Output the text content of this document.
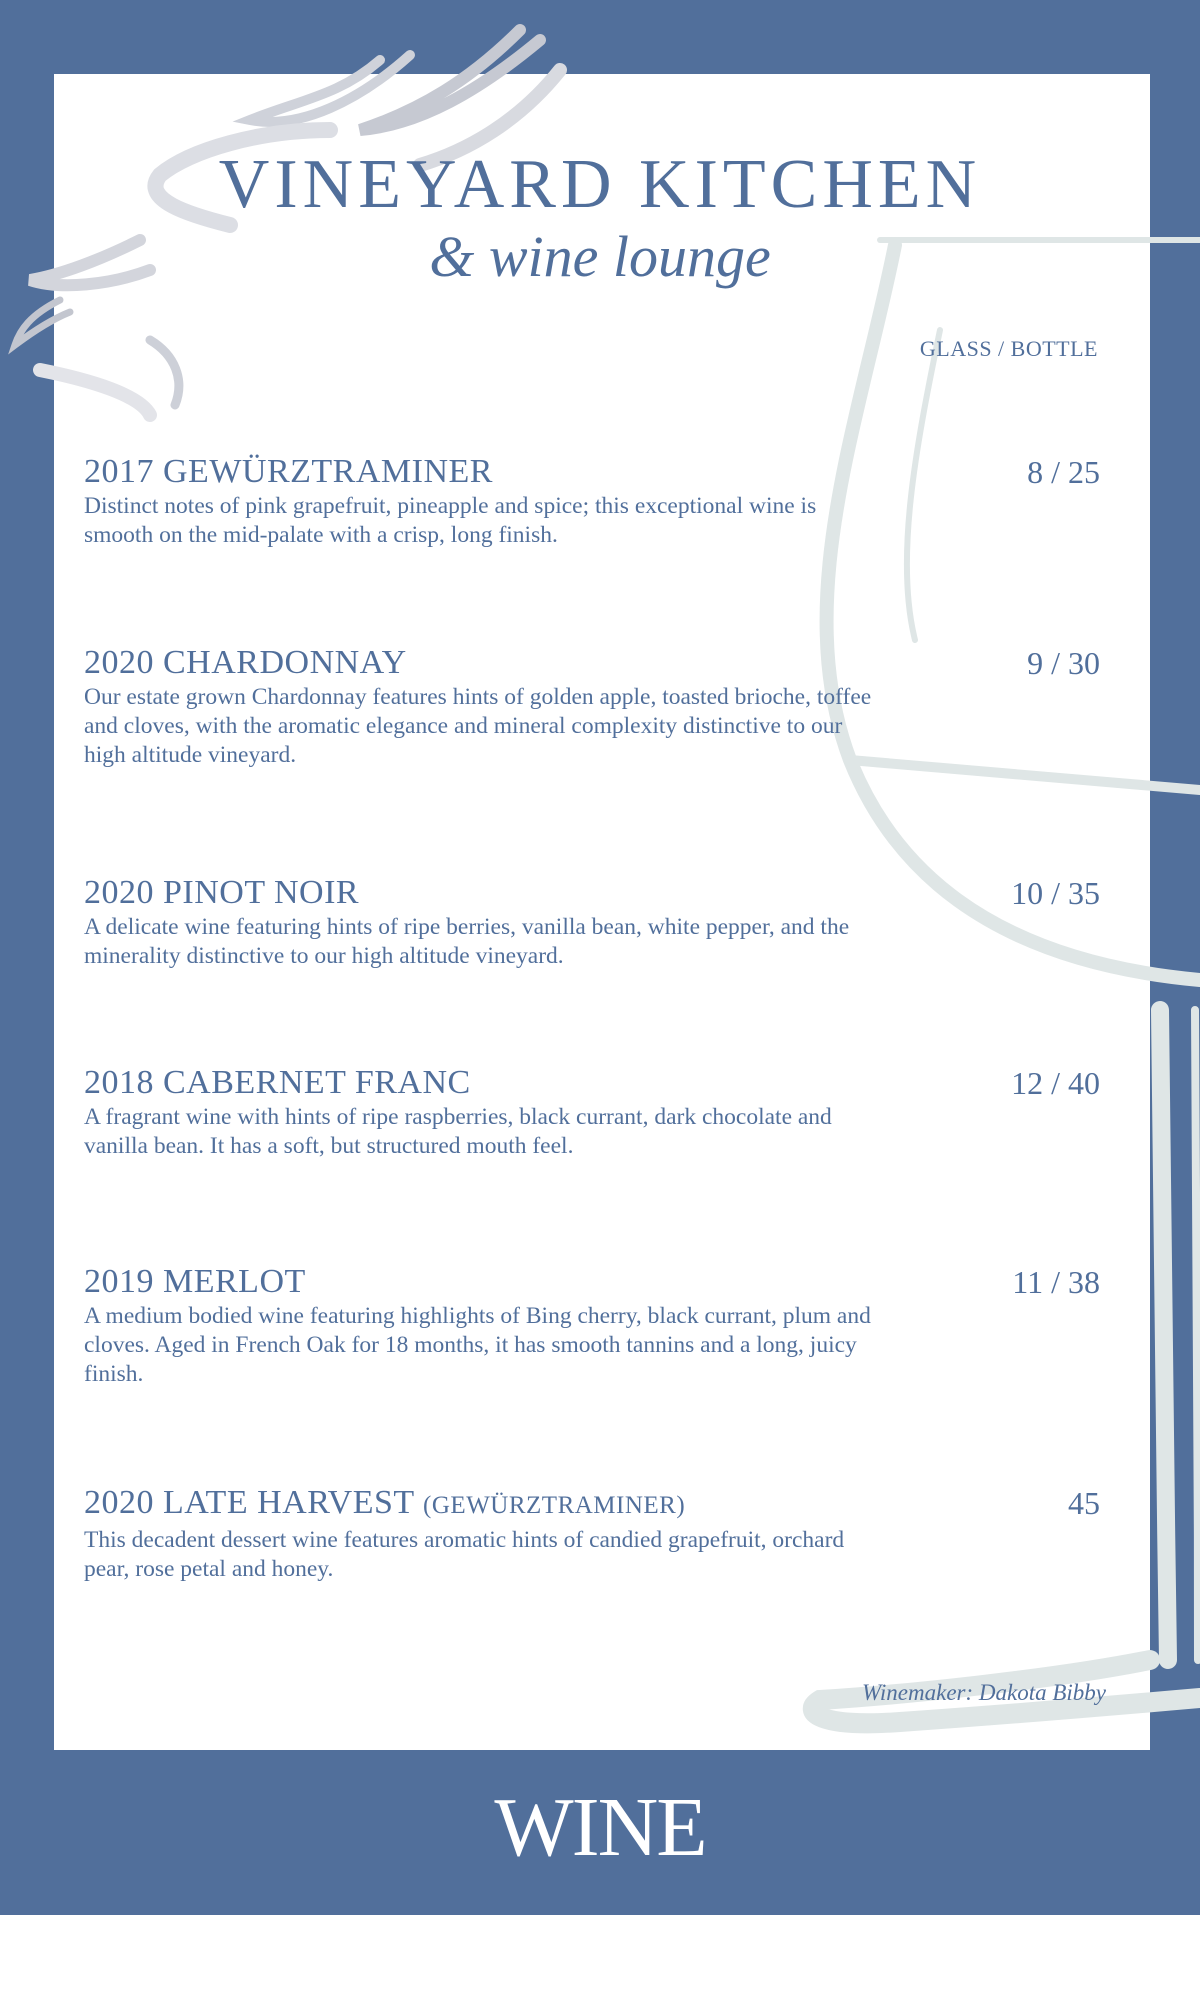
VINEYARD KITCHEN
& wine lounge
GLASS / BOTTLE
2017 GEWÜRZTRAMINER	8 / 25
Distinct notes of pink grapefruit, pineapple and spice; this exceptional wine is smooth on the mid-palate with a crisp, long finish.
2020 CHARDONNAY	9 / 30
Our estate grown Chardonnay features hints of golden apple, toasted brioche, toffee and cloves, with the aromatic elegance and mineral complexity distinctive to our high altitude vineyard.
2020 PINOT NOIR	10 / 35
A delicate wine featuring hints of ripe berries, vanilla bean, white pepper, and the minerality distinctive to our high altitude vineyard.
2018 CABERNET FRANC	12 / 40
A fragrant wine with hints of ripe raspberries, black currant, dark chocolate and vanilla bean. It has a soft, but structured mouth feel.
2019 MERLOT	11 / 38
A medium bodied wine featuring highlights of Bing cherry, black currant, plum and cloves. Aged in French Oak for 18 months, it has smooth tannins and a long, juicy finish.
2020 LATE HARVEST (GEWÜRZTRAMINER)	45
This decadent dessert wine features aromatic hints of candied grapefruit, orchard pear, rose petal and honey.
Winemaker: Dakota Bibby
WINE
